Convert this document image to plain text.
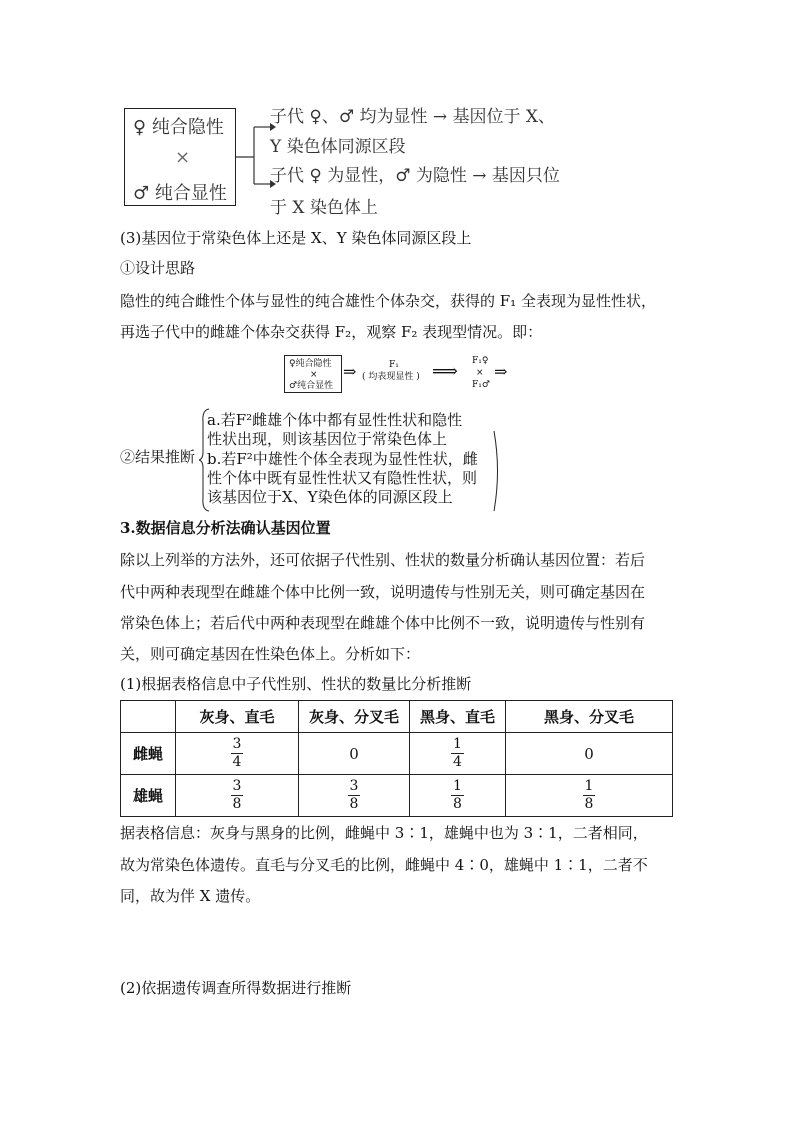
♀ 纯合隐性
×
♂ 纯合显性
子代 ♀、♂ 均为显性 → 基因位于 X、
Y 染色体同源区段
子代 ♀ 为显性，♂ 为隐性 → 基因只位
于 X 染色体上
(3)基因位于常染色体上还是 X、Y 染色体同源区段上
①设计思路
隐性的纯合雌性个体与显性的纯合雄性个体杂交，获得的 F₁ 全表现为显性性状，
再选子代中的雌雄个体杂交获得 F₂，观察 F₂ 表现型情况。即：
♀纯合隐性
×
♂纯合显性
⇒	F₁
( 均表现显性 ) ⟹ F₁♀
×
F₁♂
⇒
②结果推断
a.若F²雌雄个体中都有显性性状和隐性
性状出现，则该基因位于常染色体上
b.若F²中雄性个体全表现为显性性状，雌
性个体中既有显性性状又有隐性性状，则
该基因位于X、Y染色体的同源区段上
3.数据信息分析法确认基因位置
除以上列举的方法外，还可依据子代性别、性状的数量分析确认基因位置：若后
代中两种表现型在雌雄个体中比例一致，说明遗传与性别无关，则可确定基因在
常染色体上；若后代中两种表现型在雌雄个体中比例不一致，说明遗传与性别有
关，则可确定基因在性染色体上。分析如下：
(1)根据表格信息中子代性别、性状的数量比分析推断
	灰身、直毛	灰身、分叉毛	黑身、直毛	黑身、分叉毛
雌蝇	$\frac{3}{4}$	0	$\frac{1}{4}$	0
雄蝇	$\frac{3}{8}$	$\frac{3}{8}$	$\frac{1}{8}$	$\frac{1}{8}$
据表格信息：灰身与黑身的比例，雌蝇中 3∶1，雄蝇中也为 3∶1，二者相同，
故为常染色体遗传。直毛与分叉毛的比例，雌蝇中 4∶0，雄蝇中 1∶1，二者不
同，故为伴 X 遗传。
(2)依据遗传调查所得数据进行推断
